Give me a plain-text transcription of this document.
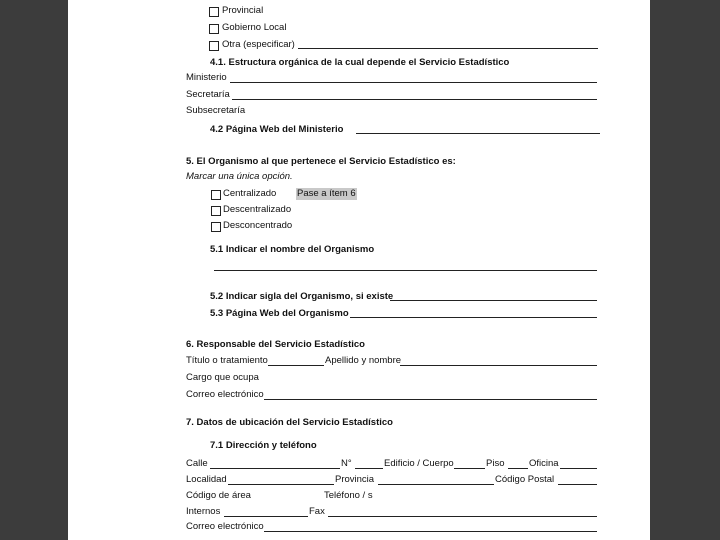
Provincial
Gobierno Local
Otra (especificar)
4.1. Estructura orgánica de la cual depende el Servicio Estadístico
Ministerio
Secretaría
Subsecretaría
4.2 Página Web del Ministerio
5. El Organismo al que pertenece el Servicio Estadístico es:
Marcar una única opción.
Centralizado Pase a ítem 6
Descentralizado
Desconcentrado
5.1 Indicar el nombre del Organismo
5.2 Indicar sigla del Organismo, si existe
5.3 Página Web del Organismo
6. Responsable del Servicio Estadístico
Título o tratamiento	Apellido y nombre
Cargo que ocupa
Correo electrónico
7. Datos de ubicación del Servicio Estadístico
7.1 Dirección y teléfono
Calle	N°	Edificio / Cuerpo	Piso	Oficina
Localidad	Provincia	Código Postal
Código de área	Teléfono / s
Internos	Fax
Correo electrónico
